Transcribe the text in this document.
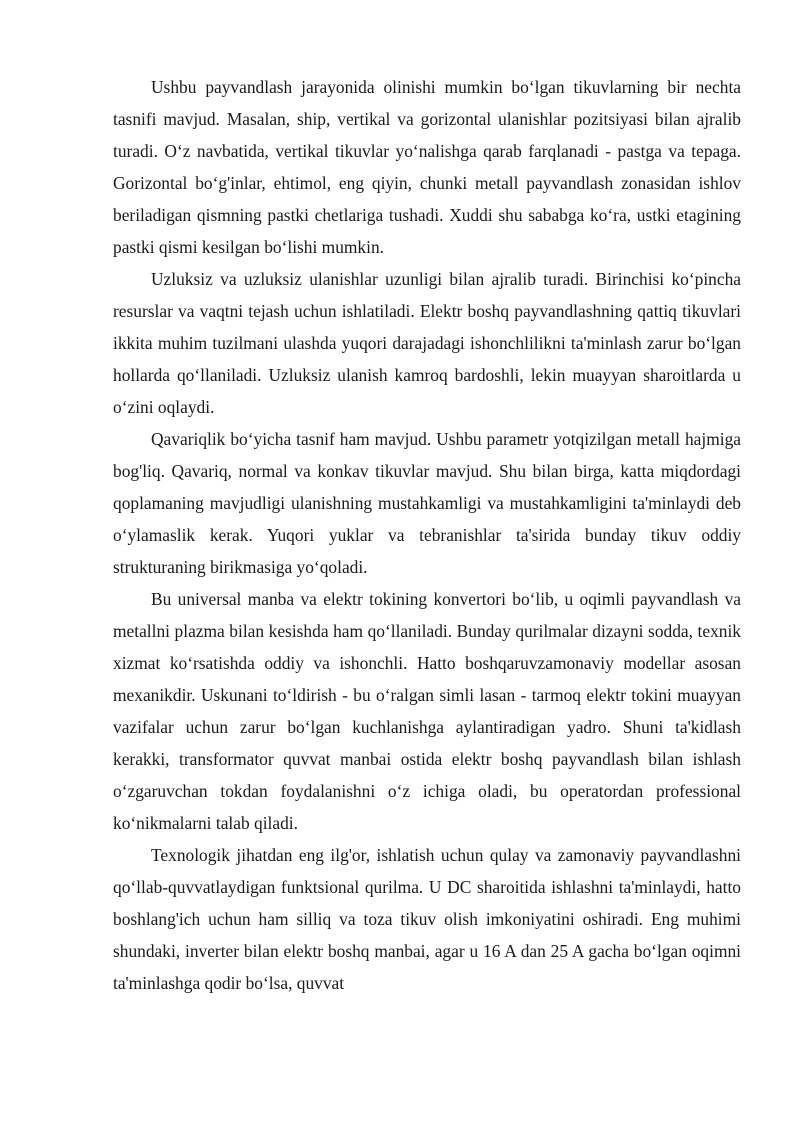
Ushbu payvandlash jarayonida olinishi mumkin boʻlgan tikuvlarning bir nechta tasnifi mavjud. Masalan, ship, vertikal va gorizontal ulanishlar pozitsiyasi bilan ajralib turadi. Oʻz navbatida, vertikal tikuvlar yoʻnalishga qarab farqlanadi - pastga va tepaga. Gorizontal boʻg'inlar, ehtimol, eng qiyin, chunki metall payvandlash zonasidan ishlov beriladigan qismning pastki chetlariga tushadi. Xuddi shu sababga koʻra, ustki etagining pastki qismi kesilgan boʻlishi mumkin.

Uzluksiz va uzluksiz ulanishlar uzunligi bilan ajralib turadi. Birinchisi koʻpincha resurslar va vaqtni tejash uchun ishlatiladi. Elektr boshq payvandlashning qattiq tikuvlari ikkita muhim tuzilmani ulashda yuqori darajadagi ishonchlilikni ta'minlash zarur boʻlgan hollarda qoʻllaniladi. Uzluksiz ulanish kamroq bardoshli, lekin muayyan sharoitlarda u oʻzini oqlaydi.

Qavariqlik boʻyicha tasnif ham mavjud. Ushbu parametr yotqizilgan metall hajmiga bog'liq. Qavariq, normal va konkav tikuvlar mavjud. Shu bilan birga, katta miqdordagi qoplamaning mavjudligi ulanishning mustahkamligi va mustahkamligini ta'minlaydi deb oʻylamaslik kerak. Yuqori yuklar va tebranishlar ta'sirida bunday tikuv oddiy strukturaning birikmasiga yoʻqoladi.

Bu universal manba va elektr tokining konvertori boʻlib, u oqimli payvandlash va metallni plazma bilan kesishda ham qoʻllaniladi. Bunday qurilmalar dizayni sodda, texnik xizmat koʻrsatishda oddiy va ishonchli. Hatto boshqaruvzamonaviy modellar asosan mexanikdir. Uskunani toʻldirish - bu oʻralgan simli lasan - tarmoq elektr tokini muayyan vazifalar uchun zarur boʻlgan kuchlanishga aylantiradigan yadro. Shuni ta'kidlash kerakki, transformator quvvat manbai ostida elektr boshq payvandlash bilan ishlash oʻzgaruvchan tokdan foydalanishni oʻz ichiga oladi, bu operatordan professional koʻnikmalarni talab qiladi.

Texnologik jihatdan eng ilg'or, ishlatish uchun qulay va zamonaviy payvandlashni qoʻllab-quvvatlaydigan funktsional qurilma. U DC sharoitida ishlashni ta'minlaydi, hatto boshlang'ich uchun ham silliq va toza tikuv olish imkoniyatini oshiradi. Eng muhimi shundaki, inverter bilan elektr boshq manbai, agar u 16 A dan 25 A gacha boʻlgan oqimni ta'minlashga qodir boʻlsa, quvvat
